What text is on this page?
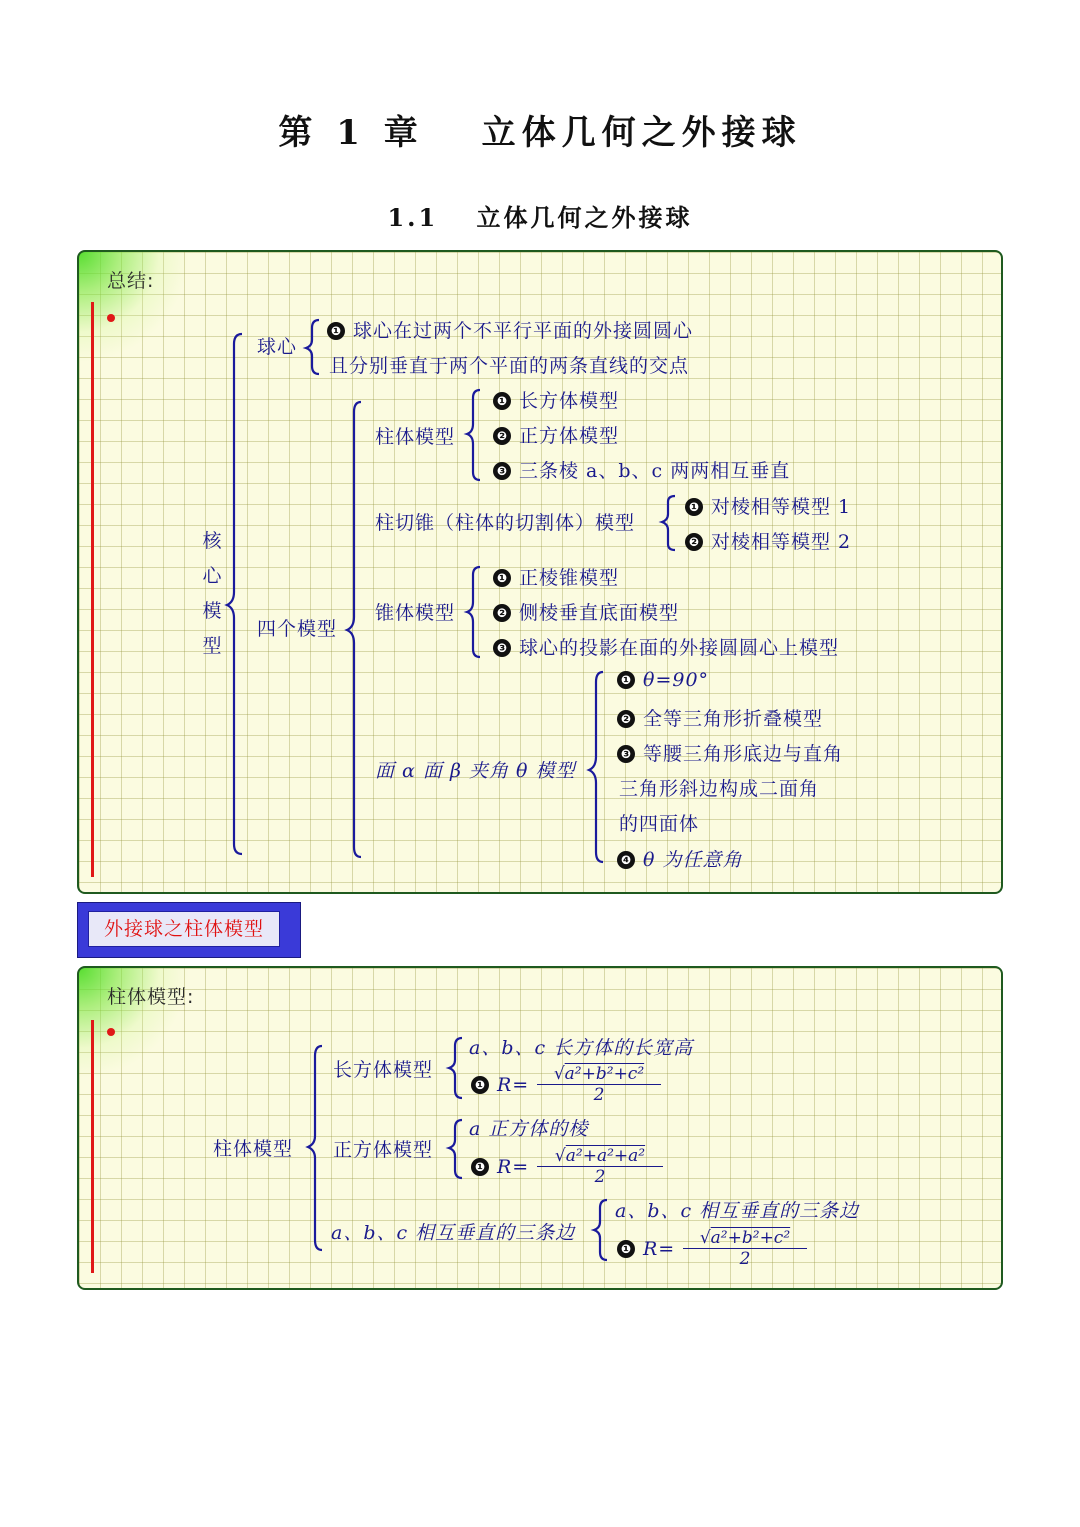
第 1 章　 立体几何之外接球
1.1　 立体几何之外接球
总结:
核心模型
球心
❶ 球心在过两个不平行平面的外接圆圆心
且分别垂直于两个平面的两条直线的交点
四个模型
柱体模型
❶ 长方体模型
❷ 正方体模型
❸ 三条棱 a、b、c 两两相互垂直
柱切锥（柱体的切割体）模型
❶ 对棱相等模型 1
❷ 对棱相等模型 2
锥体模型
❶ 正棱锥模型
❷ 侧棱垂直底面模型
❸ 球心的投影在面的外接圆圆心上模型
面 α 面 β 夹角 θ 模型
❶ θ=90°
❷ 全等三角形折叠模型
❸ 等腰三角形底边与直角
三角形斜边构成二面角
的四面体
❹ θ 为任意角
外接球之柱体模型
柱体模型:
柱体模型
长方体模型
a、b、c 长方体的长宽高
❶ $R= \frac{\text{√a²+b²+c²}}{2}$
正方体模型
a 正方体的棱
❶ $R= \frac{\text{√a²+a²+a²}}{2}$
a、b、c 相互垂直的三条边
a、b、c 相互垂直的三条边
❶ $R= \frac{\text{√a²+b²+c²}}{2}$
